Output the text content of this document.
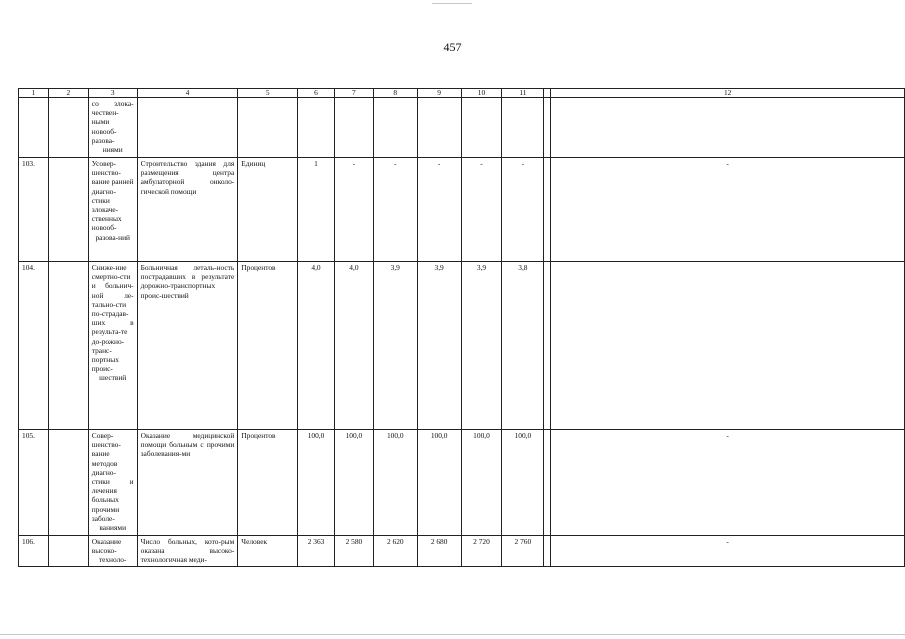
457
1	2	3	4	5	6	7	8	9	10	11		12
		со злока-чествен-ными новооб-разова-ниями										
103.		Усовер-шенство-вание ранней диагно-стики злокаче-ственных новооб-разова-ний	Строительство здания для размещения центра амбулаторной онколо-гической помощи	Единиц	1	-	-	-	-	-		-
104.		Сниже-ние смертно-сти и больнич-ной ле-тально-сти по-страдав-ших в результа-те до-рожно-транс-портных проис-шествий	Больничная леталь-ность пострадавших в результате дорожно-транспортных проис-шествий	Процентов	4,0	4,0	3,9	3,9	3,9	3,8		
105.		Совер-шенство-вание методов диагно-стики и лечения больных прочими заболе-ваниями	Оказание медицинской помощи больным с прочими заболевания-ми	Процентов	100,0	100,0	100,0	100,0	100,0	100,0		-
106.		Оказание высоко-техноло-	Число больных, кото-рым оказана высоко-технологичная меди-	Человек	2 363	2 580	2 620	2 680	2 720	2 760		-
